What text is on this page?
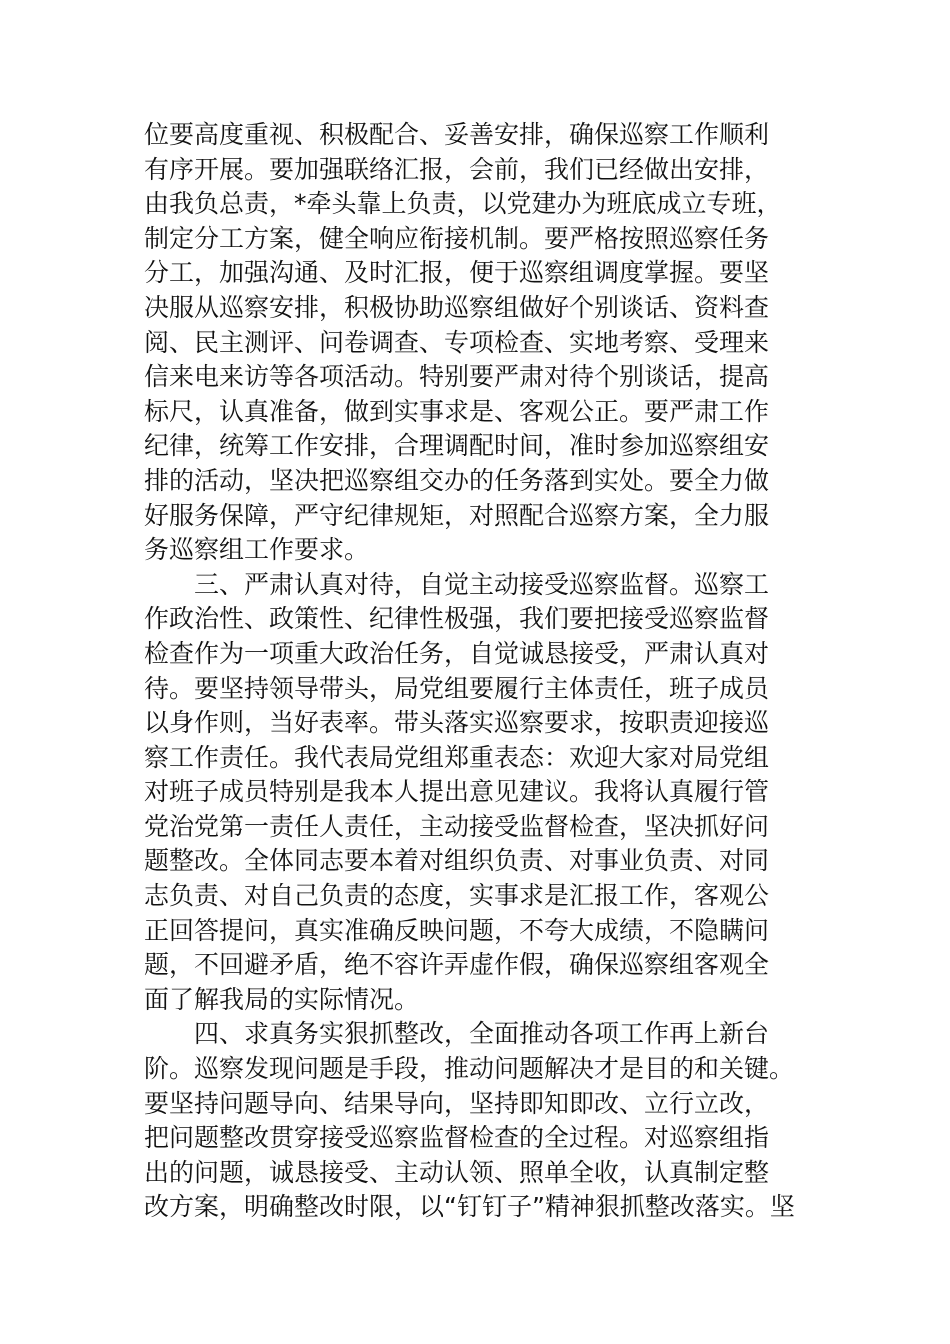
位要高度重视、积极配合、妥善安排，确保巡察工作顺利
有序开展。要加强联络汇报，会前，我们已经做出安排，
由我负总责，*牵头靠上负责，以党建办为班底成立专班，
制定分工方案，健全响应衔接机制。要严格按照巡察任务
分工，加强沟通、及时汇报，便于巡察组调度掌握。要坚
决服从巡察安排，积极协助巡察组做好个别谈话、资料查
阅、民主测评、问卷调查、专项检查、实地考察、受理来
信来电来访等各项活动。特别要严肃对待个别谈话，提高
标尺，认真准备，做到实事求是、客观公正。要严肃工作
纪律，统筹工作安排，合理调配时间，准时参加巡察组安
排的活动，坚决把巡察组交办的任务落到实处。要全力做
好服务保障，严守纪律规矩，对照配合巡察方案，全力服
务巡察组工作要求。
三、严肃认真对待，自觉主动接受巡察监督。巡察工
作政治性、政策性、纪律性极强，我们要把接受巡察监督
检查作为一项重大政治任务，自觉诚恳接受，严肃认真对
待。要坚持领导带头，局党组要履行主体责任，班子成员
以身作则，当好表率。带头落实巡察要求，按职责迎接巡
察工作责任。我代表局党组郑重表态：欢迎大家对局党组
对班子成员特别是我本人提出意见建议。我将认真履行管
党治党第一责任人责任，主动接受监督检查，坚决抓好问
题整改。全体同志要本着对组织负责、对事业负责、对同
志负责、对自己负责的态度，实事求是汇报工作，客观公
正回答提问，真实准确反映问题，不夸大成绩，不隐瞒问
题，不回避矛盾，绝不容许弄虚作假，确保巡察组客观全
面了解我局的实际情况。
四、求真务实狠抓整改，全面推动各项工作再上新台
阶。巡察发现问题是手段，推动问题解决才是目的和关键。
要坚持问题导向、结果导向，坚持即知即改、立行立改，
把问题整改贯穿接受巡察监督检查的全过程。对巡察组指
出的问题，诚恳接受、主动认领、照单全收，认真制定整
改方案，明确整改时限，以“钉钉子”精神狠抓整改落实。坚
